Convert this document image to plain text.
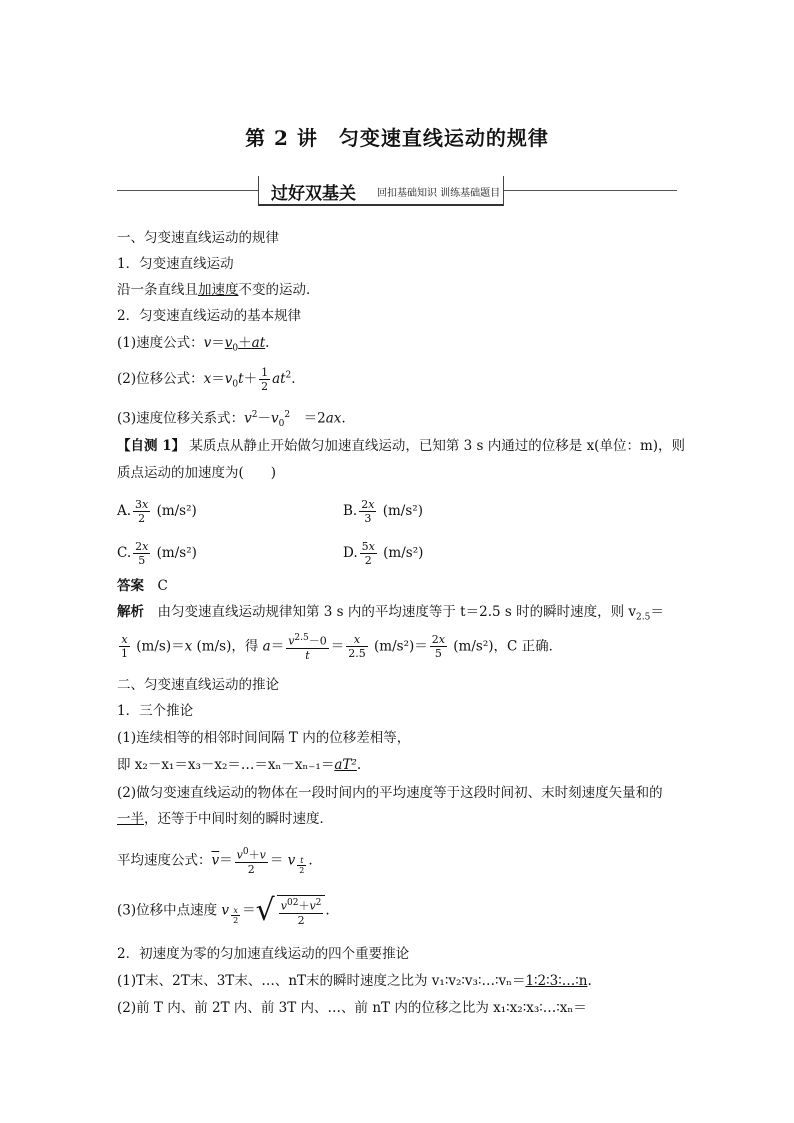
第 2 讲　匀变速直线运动的规律
过好双基关 回扣基础知识 训练基础题目
一、匀变速直线运动的规律
1．匀变速直线运动
沿一条直线且加速度不变的运动．
2．匀变速直线运动的基本规律
(1)速度公式：$v=v_0+at$.
(2)位移公式：$x=v_0t+ \frac{1}{2} at^2$.
(3)速度位移关系式：$v^2-v_0^2$　＝2ax.
【自测 1】 某质点从静止开始做匀加速直线运动，已知第 3 s 内通过的位移是 x(单位：m)，则
质点运动的加速度为(　　)
A. $\frac{3x}{2} (m/s^2)$	B. $\frac{2x}{3} (m/s^2)$
C. $\frac{2x}{5} (m/s^2)$	D. $\frac{5x}{2} (m/s^2)$
答案　 C
解析　 由匀变速直线运动规律知第 3 s 内的平均速度等于 t＝2.5 s 时的瞬时速度，则 $v_{2.5}=$
$\frac{x}{1} (m/s)=x$ (m/s)，得 $a= \frac{v^{2.5}-0}{t} = \frac{x}{2.5} (m/s^2)= \frac{2x}{5} (m/s^2)$，C 正确．
二、匀变速直线运动的推论
1．三个推论
(1)连续相等的相邻时间间隔 T 内的位移差相等，
即 x₂－x₁＝x₃－x₂＝…＝xₙ－xₙ₋₁＝aT².
(2)做匀变速直线运动的物体在一段时间内的平均速度等于这段时间初、末时刻速度矢量和的
一半，还等于中间时刻的瞬时速度．
平均速度公式：$\overline{v}= \frac{v^0+v}{2} = v$ $_{\frac{t}{2}}$ .
(3)位移中点速度 v $_{\frac{x}{2}}$ ＝√ $\frac{v^{02}+v^2}{2}$ .
2．初速度为零的匀加速直线运动的四个重要推论
(1)T末、2T末、3T末、…、nT末的瞬时速度之比为 v₁∶v₂∶v₃∶…∶vₙ＝1∶2∶3∶…∶n.
(2)前 T 内、前 2T 内、前 3T 内、…、前 nT 内的位移之比为 x₁∶x₂∶x₃∶…∶xₙ＝
